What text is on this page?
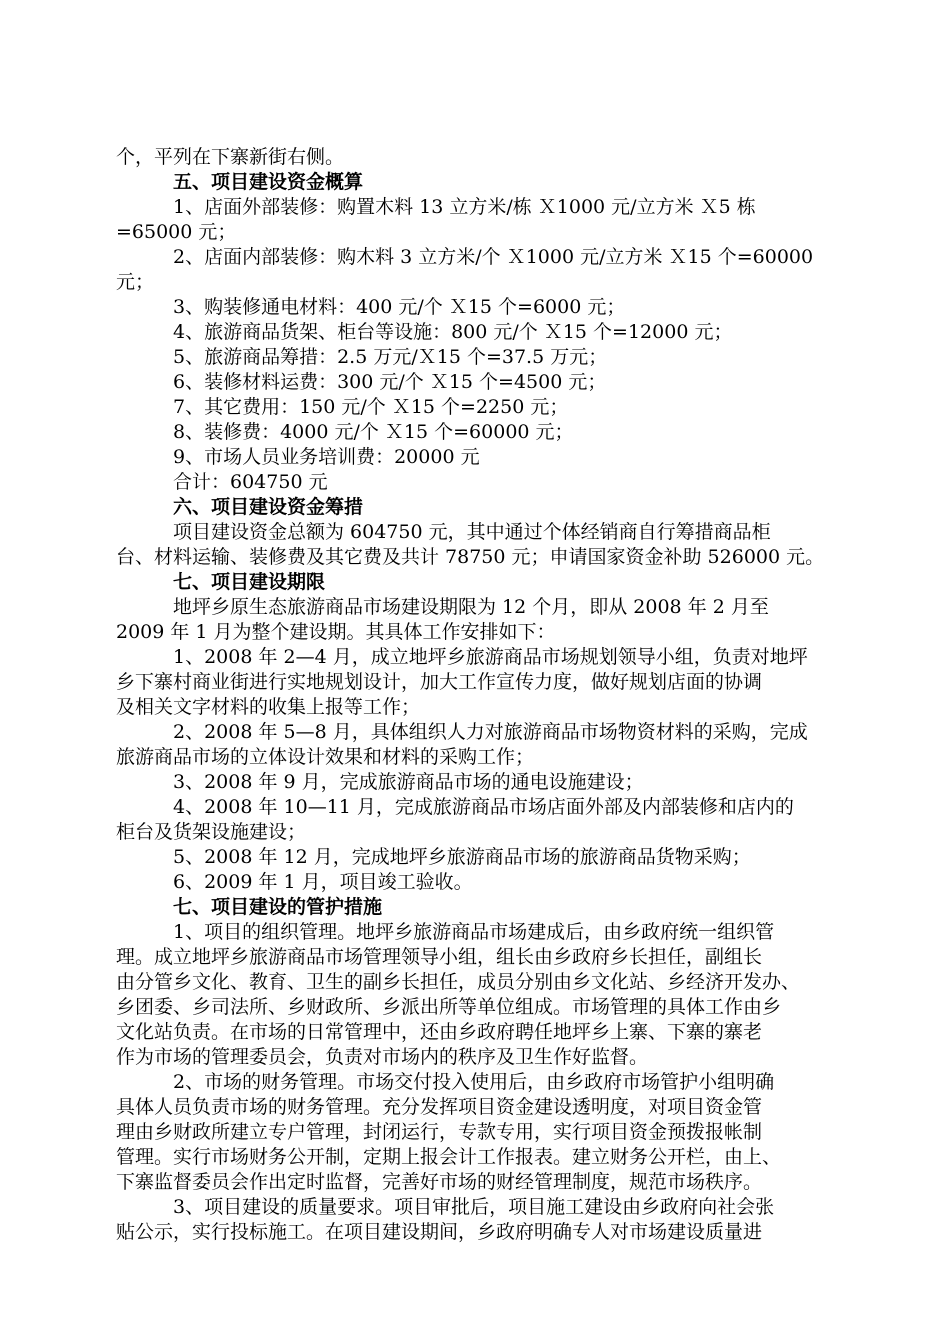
个，平列在下寨新街右侧。
五、项目建设资金概算
1、店面外部装修：购置木料 13 立方米/栋 Ｘ1000 元/立方米 Ｘ5 栋
=65000 元；
2、店面内部装修：购木料 3 立方米/个 Ｘ1000 元/立方米 Ｘ15 个=60000
元；
3、购装修通电材料：400 元/个 Ｘ15 个=6000 元；
4、旅游商品货架、柜台等设施：800 元/个 Ｘ15 个=12000 元；
5、旅游商品筹措：2.5 万元/Ｘ15 个=37.5 万元；
6、装修材料运费：300 元/个 Ｘ15 个=4500 元；
7、其它费用：150 元/个 Ｘ15 个=2250 元；
8、装修费：4000 元/个 Ｘ15 个=60000 元；
9、市场人员业务培训费：20000 元
合计：604750 元
六、项目建设资金筹措
项目建设资金总额为 604750 元，其中通过个体经销商自行筹措商品柜
台、材料运输、装修费及其它费及共计 78750 元；申请国家资金补助 526000 元。
七、项目建设期限
地坪乡原生态旅游商品市场建设期限为 12 个月，即从 2008 年 2 月至
2009 年 1 月为整个建设期。其具体工作安排如下：
1、2008 年 2—4 月，成立地坪乡旅游商品市场规划领导小组，负责对地坪
乡下寨村商业街进行实地规划设计，加大工作宣传力度，做好规划店面的协调
及相关文字材料的收集上报等工作；
2、2008 年 5—8 月，具体组织人力对旅游商品市场物资材料的采购，完成
旅游商品市场的立体设计效果和材料的采购工作；
3、2008 年 9 月，完成旅游商品市场的通电设施建设；
4、2008 年 10—11 月，完成旅游商品市场店面外部及内部装修和店内的
柜台及货架设施建设；
5、2008 年 12 月，完成地坪乡旅游商品市场的旅游商品货物采购；
6、2009 年 1 月，项目竣工验收。
七、项目建设的管护措施
1、项目的组织管理。地坪乡旅游商品市场建成后，由乡政府统一组织管
理。成立地坪乡旅游商品市场管理领导小组，组长由乡政府乡长担任，副组长
由分管乡文化、教育、卫生的副乡长担任，成员分别由乡文化站、乡经济开发办、
乡团委、乡司法所、乡财政所、乡派出所等单位组成。市场管理的具体工作由乡
文化站负责。在市场的日常管理中，还由乡政府聘任地坪乡上寨、下寨的寨老
作为市场的管理委员会，负责对市场内的秩序及卫生作好监督。
2、市场的财务管理。市场交付投入使用后，由乡政府市场管护小组明确
具体人员负责市场的财务管理。充分发挥项目资金建设透明度，对项目资金管
理由乡财政所建立专户管理，封闭运行，专款专用，实行项目资金预拨报帐制
管理。实行市场财务公开制，定期上报会计工作报表。建立财务公开栏，由上、
下寨监督委员会作出定时监督，完善好市场的财经管理制度，规范市场秩序。
3、项目建设的质量要求。项目审批后，项目施工建设由乡政府向社会张
贴公示，实行投标施工。在项目建设期间，乡政府明确专人对市场建设质量进
